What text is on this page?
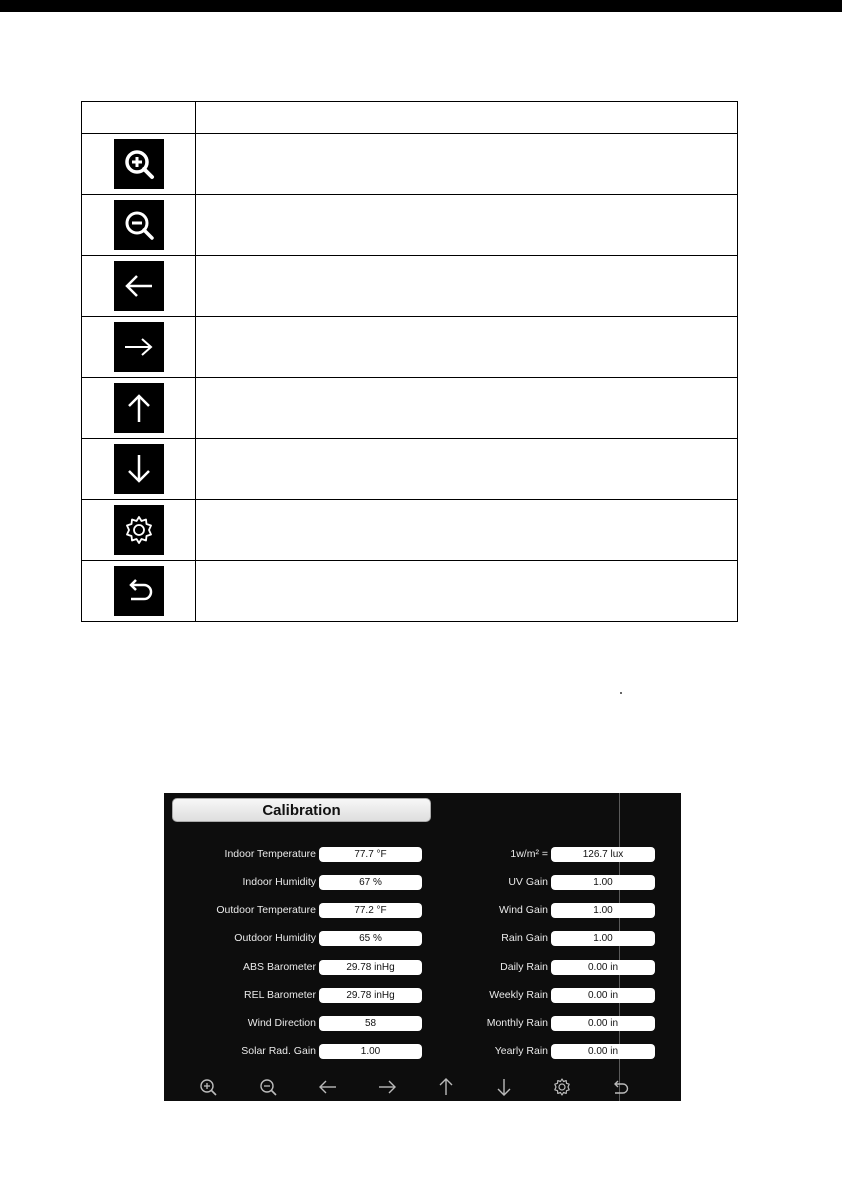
Calibration
Indoor Temperature	77.7 °F
Indoor Humidity	67 %
Outdoor Temperature	77.2 °F
Outdoor Humidity	65 %
ABS Barometer	29.78 inHg
REL Barometer	29.78 inHg
Wind Direction	58
Solar Rad. Gain	1.00
1w/m² =	126.7 lux
UV Gain	1.00
Wind Gain	1.00
Rain Gain	1.00
Daily Rain	0.00 in
Weekly Rain	0.00 in
Monthly Rain	0.00 in
Yearly Rain	0.00 in
